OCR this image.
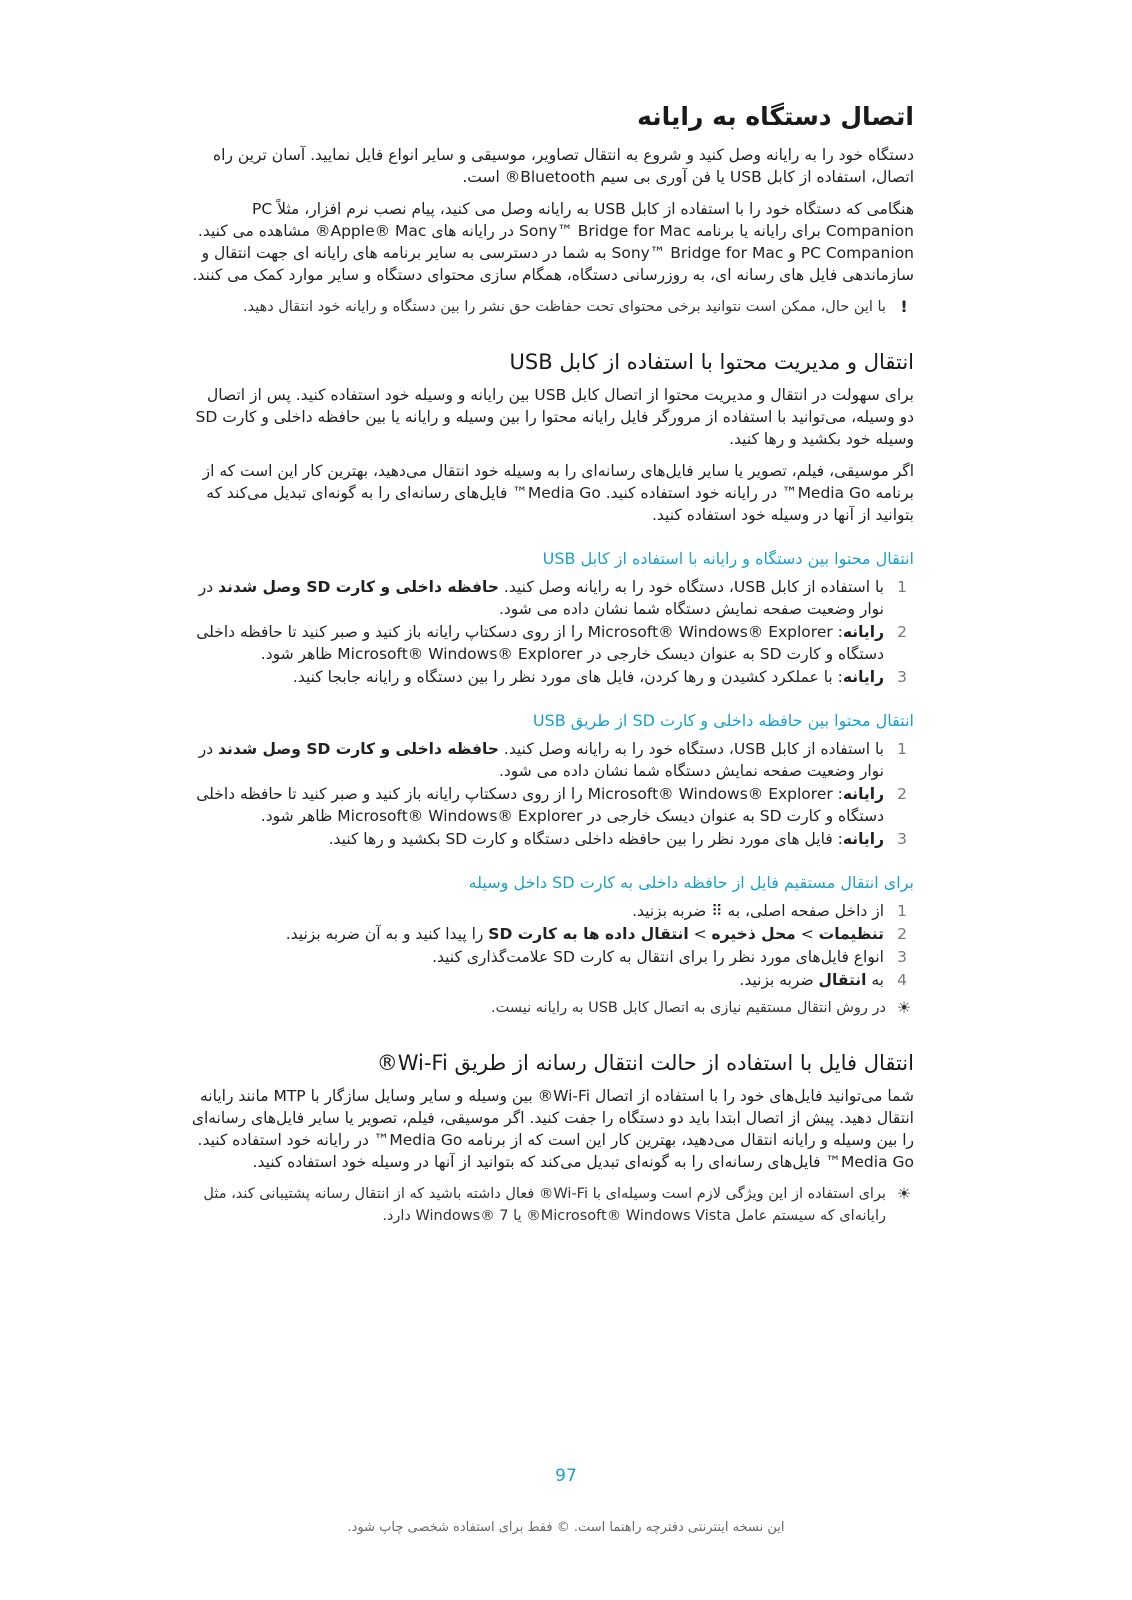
اتصال دستگاه به رایانه
دستگاه خود را به رایانه وصل کنید و شروع به انتقال تصاویر، موسیقی و سایر انواع فایل نمایید. آسان ترین راه اتصال، استفاده از کابل USB یا فن آوری بی سیم Bluetooth® است.
هنگامی که دستگاه خود را با استفاده از کابل USB به رایانه وصل می کنید، پیام نصب نرم افزار، مثلاً PC Companion برای رایانه یا برنامه Sony™ Bridge for Mac در رایانه های Apple® Mac® مشاهده می کنید. PC Companion و Sony™ Bridge for Mac به شما در دسترسی به سایر برنامه های رایانه ای جهت انتقال و سازماندهی فایل های رسانه ای، به روزرسانی دستگاه، همگام سازی محتوای دستگاه و سایر موارد کمک می کنند.
!
با این حال، ممکن است نتوانید برخی محتوای تحت حفاظت حق نشر را بین دستگاه و رایانه خود انتقال دهید.
انتقال و مدیریت محتوا با استفاده از کابل USB
برای سهولت در انتقال و مدیریت محتوا از اتصال کابل USB بین رایانه و وسیله خود استفاده کنید. پس از اتصال دو وسیله، می‌توانید با استفاده از مرورگر فایل رایانه محتوا را بین وسیله و رایانه یا بین حافظه داخلی و کارت SD وسیله خود بکشید و رها کنید.
اگر موسیقی، فیلم، تصویر یا سایر فایل‌های رسانه‌ای را به وسیله خود انتقال می‌دهید، بهترین کار این است که از برنامه Media Go™ در رایانه خود استفاده کنید. Media Go™ فایل‌های رسانه‌ای را به گونه‌ای تبدیل می‌کند که بتوانید از آنها در وسیله خود استفاده کنید.
انتقال محتوا بین دستگاه و رایانه با استفاده از کابل USB
1
با استفاده از کابل USB، دستگاه خود را به رایانه وصل کنید. حافظه داخلی و کارت SD وصل شدند در نوار وضعیت صفحه نمایش دستگاه شما نشان داده می شود.
2
رایانه: Microsoft® Windows® Explorer را از روی دسکتاپ رایانه باز کنید و صبر کنید تا حافظه داخلی دستگاه و کارت SD به عنوان دیسک خارجی در Microsoft® Windows® Explorer ظاهر شود.
3
رایانه: با عملکرد کشیدن و رها کردن، فایل های مورد نظر را بین دستگاه و رایانه جابجا کنید.
انتقال محتوا بین حافظه داخلی و کارت SD از طریق USB
1
با استفاده از کابل USB، دستگاه خود را به رایانه وصل کنید. حافظه داخلی و کارت SD وصل شدند در نوار وضعیت صفحه نمایش دستگاه شما نشان داده می شود.
2
رایانه: Microsoft® Windows® Explorer را از روی دسکتاپ رایانه باز کنید و صبر کنید تا حافظه داخلی دستگاه و کارت SD به عنوان دیسک خارجی در Microsoft® Windows® Explorer ظاهر شود.
3
رایانه: فایل های مورد نظر را بین حافظه داخلی دستگاه و کارت SD بکشید و رها کنید.
برای انتقال مستقیم فایل از حافظه داخلی به کارت SD داخل وسیله
1
از داخل صفحه اصلی، به ⠿ ضربه بزنید.
2
تنظیمات > محل ذخیره > انتقال داده ها به کارت SD را پیدا کنید و به آن ضربه بزنید.
3
انواع فایل‌های مورد نظر را برای انتقال به کارت SD علامت‌گذاری کنید.
4
به انتقال ضربه بزنید.
☀
در روش انتقال مستقیم نیازی به اتصال کابل USB به رایانه نیست.
انتقال فایل با استفاده از حالت انتقال رسانه از طریق Wi-Fi®
شما می‌توانید فایل‌های خود را با استفاده از اتصال Wi-Fi® بین وسیله و سایر وسایل سازگار با MTP مانند رایانه انتقال دهید. پیش از اتصال ابتدا باید دو دستگاه را جفت کنید. اگر موسیقی، فیلم، تصویر یا سایر فایل‌های رسانه‌ای را بین وسیله و رایانه انتقال می‌دهید، بهترین کار این است که از برنامه Media Go™ در رایانه خود استفاده کنید. Media Go™ فایل‌های رسانه‌ای را به گونه‌ای تبدیل می‌کند که بتوانید از آنها در وسیله خود استفاده کنید.
☀
برای استفاده از این ویژگی لازم است وسیله‌ای با Wi-Fi® فعال داشته باشید که از انتقال رسانه پشتیبانی کند، مثل رایانه‌ای که سیستم عامل Microsoft® Windows Vista® یا Windows® 7 دارد.
97
این نسخه اینترنتی دفترچه راهنما است. © فقط برای استفاده شخصی چاپ شود.
